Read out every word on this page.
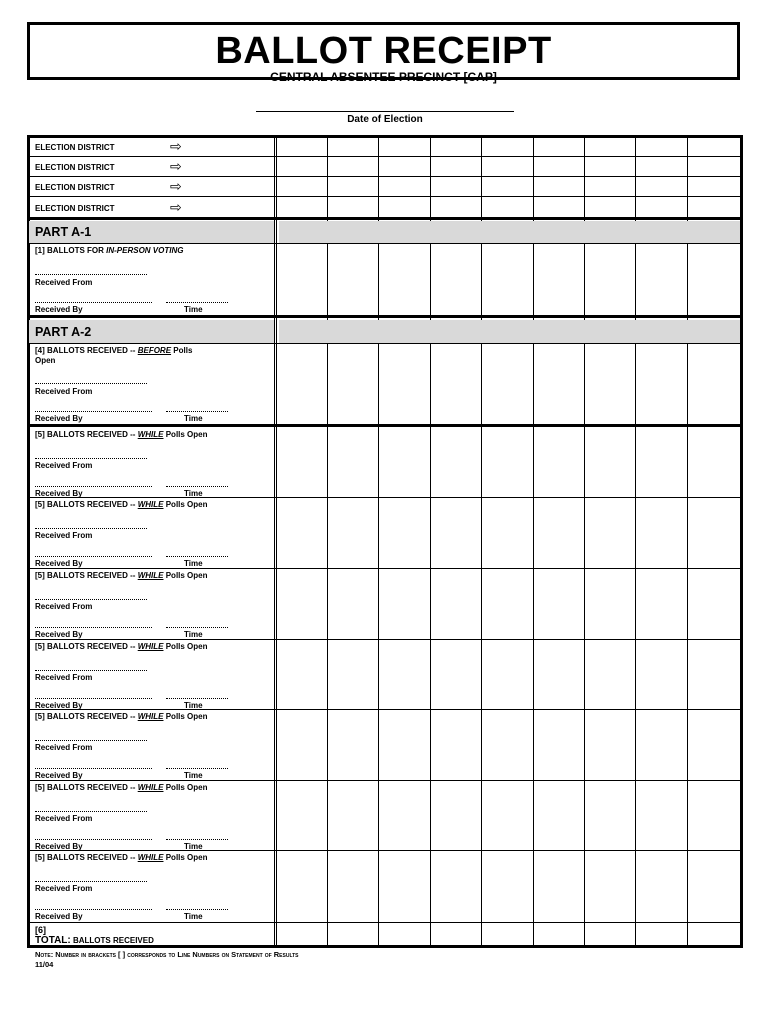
BALLOT RECEIPT
CENTRAL ABSENTEE PRECINCT [CAP]
Date of Election
ELECTION DISTRICT	⇨
ELECTION DISTRICT	⇨
ELECTION DISTRICT	⇨
ELECTION DISTRICT	⇨
PART A-1
[1] BALLOTS FOR IN-PERSON VOTING
Received From
Received By	Time
PART A-2
[4] BALLOTS RECEIVED -- BEFORE Polls
Open
Received From
Received By	Time
[5] BALLOTS RECEIVED -- WHILE Polls Open
Received From
Received By	Time
[5] BALLOTS RECEIVED -- WHILE Polls Open
Received From
Received By	Time
[5] BALLOTS RECEIVED -- WHILE Polls Open
Received From
Received By	Time
[5] BALLOTS RECEIVED -- WHILE Polls Open
Received From
Received By	Time
[5] BALLOTS RECEIVED -- WHILE Polls Open
Received From
Received By	Time
[5] BALLOTS RECEIVED -- WHILE Polls Open
Received From
Received By	Time
[5] BALLOTS RECEIVED -- WHILE Polls Open
Received From
Received By	Time
[6]
TOTAL: BALLOTS RECEIVED
Note: Number in brackets [ ] corresponds to Line Numbers on Statement of Results
11/04
